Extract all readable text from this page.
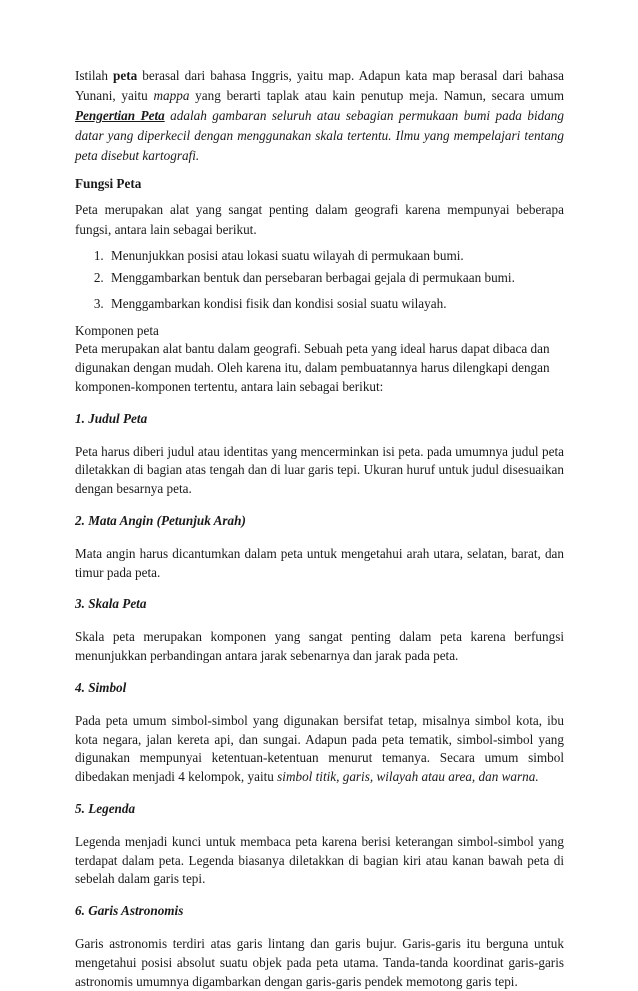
Istilah peta berasal dari bahasa Inggris, yaitu map. Adapun kata map berasal dari bahasa Yunani, yaitu mappa yang berarti taplak atau kain penutup meja. Namun, secara umum Pengertian Peta adalah gambaran seluruh atau sebagian permukaan bumi pada bidang datar yang diperkecil dengan menggunakan skala tertentu. Ilmu yang mempelajari tentang peta disebut kartografi.

Fungsi Peta

Peta merupakan alat yang sangat penting dalam geografi karena mempunyai beberapa fungsi, antara lain sebagai berikut.

1. Menunjukkan posisi atau lokasi suatu wilayah di permukaan bumi.
2. Menggambarkan bentuk dan persebaran berbagai gejala di permukaan bumi.
3. Menggambarkan kondisi fisik dan kondisi sosial suatu wilayah.

Komponen peta

Peta merupakan alat bantu dalam geografi. Sebuah peta yang ideal harus dapat dibaca dan digunakan dengan mudah. Oleh karena itu, dalam pembuatannya harus dilengkapi dengan komponen-komponen tertentu, antara lain sebagai berikut:

1. Judul Peta

Peta harus diberi judul atau identitas yang mencerminkan isi peta. pada umumnya judul peta diletakkan di bagian atas tengah dan di luar garis tepi. Ukuran huruf untuk judul disesuaikan dengan besarnya peta.

2. Mata Angin (Petunjuk Arah)

Mata angin harus dicantumkan dalam peta untuk mengetahui arah utara, selatan, barat, dan timur pada peta.

3. Skala Peta

Skala peta merupakan komponen yang sangat penting dalam peta karena berfungsi menunjukkan perbandingan antara jarak sebenarnya dan jarak pada peta.

4. Simbol

Pada peta umum simbol-simbol yang digunakan bersifat tetap, misalnya simbol kota, ibu kota negara, jalan kereta api, dan sungai. Adapun pada peta tematik, simbol-simbol yang digunakan mempunyai ketentuan-ketentuan menurut temanya. Secara umum simbol dibedakan menjadi 4 kelompok, yaitu simbol titik, garis, wilayah atau area, dan warna.

5. Legenda

Legenda menjadi kunci untuk membaca peta karena berisi keterangan simbol-simbol yang terdapat dalam peta. Legenda biasanya diletakkan di bagian kiri atau kanan bawah peta di sebelah dalam garis tepi.

6. Garis Astronomis

Garis astronomis terdiri atas garis lintang dan garis bujur. Garis-garis itu berguna untuk mengetahui posisi absolut suatu objek pada peta utama. Tanda-tanda koordinat garis-garis astronomis umumnya digambarkan dengan garis-garis pendek memotong garis tepi.
